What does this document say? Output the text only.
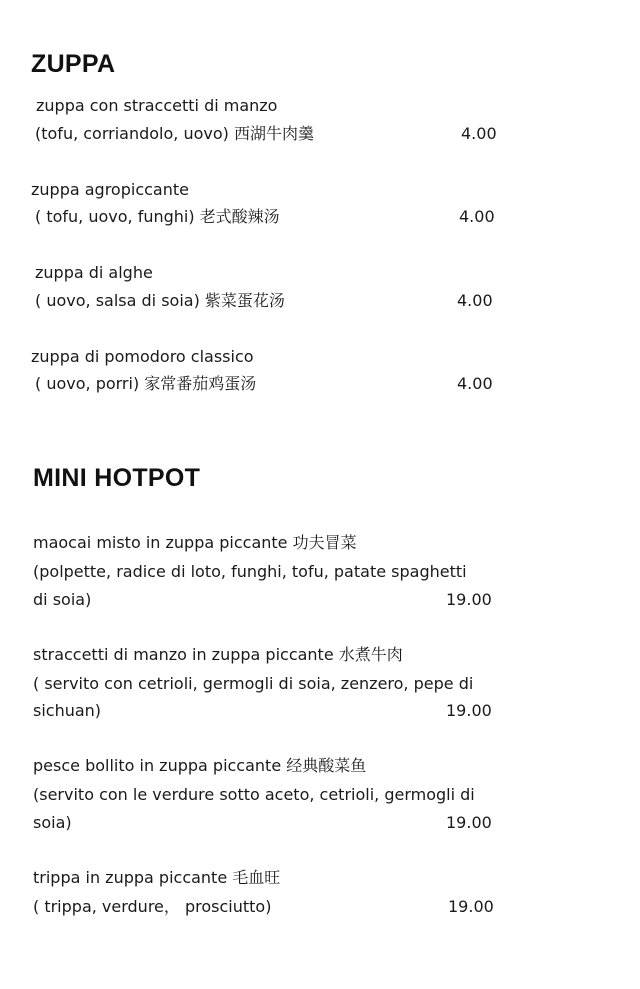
ZUPPA
zuppa con straccetti di manzo
(tofu, corriandolo, uovo) 西湖牛肉羹	4.00
zuppa agropiccante
( tofu, uovo, funghi) 老式酸辣汤	4.00
zuppa di alghe
( uovo, salsa di soia) 紫菜蛋花汤	4.00
zuppa di pomodoro classico
( uovo, porri) 家常番茄鸡蛋汤	4.00
MINI HOTPOT
maocai misto in zuppa piccante 功夫冒菜
(polpette, radice di loto, funghi, tofu, patate spaghetti
di soia)	19.00
straccetti di manzo in zuppa piccante 水煮牛肉
( servito con cetrioli, germogli di soia, zenzero, pepe di
sichuan)	19.00
pesce bollito in zuppa piccante 经典酸菜鱼
(servito con le verdure sotto aceto, cetrioli, germogli di
soia)	19.00
trippa in zuppa piccante 毛血旺
( trippa, verdure， prosciutto)	19.00
